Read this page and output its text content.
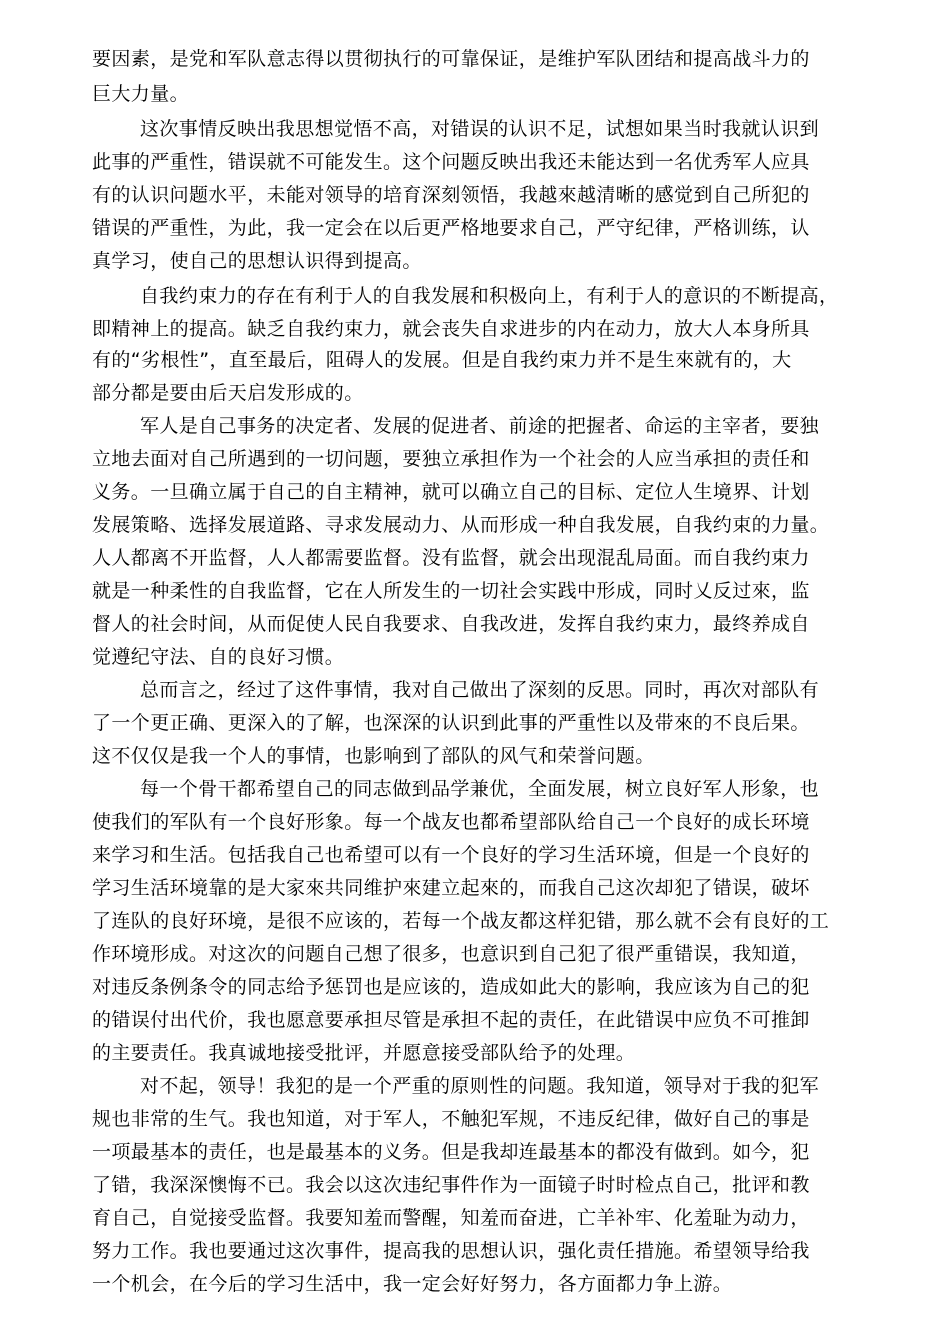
要因素，是党和军队意志得以贯彻执行的可靠保证，是维护军队团结和提高战斗力的
巨大力量。
这次事情反映出我思想觉悟不高，对错误的认识不足，试想如果当时我就认识到
此事的严重性，错误就不可能发生。这个问题反映出我还未能达到一名优秀军人应具
有的认识问题水平，未能对领导的培育深刻领悟，我越來越清晰的感觉到自己所犯的
错误的严重性，为此，我一定会在以后更严格地要求自己，严守纪律，严格训练，认
真学习，使自己的思想认识得到提高。
自我约束力的存在有利于人的自我发展和积极向上，有利于人的意识的不断提高，
即精神上的提高。缺乏自我约束力，就会丧失自求进步的内在动力，放大人本身所具
有的“劣根性”，直至最后，阻碍人的发展。但是自我约束力并不是生來就有的，大
部分都是要由后天启发形成的。
军人是自己事务的决定者、发展的促进者、前途的把握者、命运的主宰者，要独
立地去面对自己所遇到的一切问题，要独立承担作为一个社会的人应当承担的责任和
义务。一旦确立属于自己的自主精神，就可以确立自己的目标、定位人生境界、计划
发展策略、选择发展道路、寻求发展动力、从而形成一种自我发展，自我约束的力量。
人人都离不开监督，人人都需要监督。没有监督，就会出现混乱局面。而自我约束力
就是一种柔性的自我监督，它在人所发生的一切社会实践中形成，同时乂反过來，监
督人的社会时间，从而促使人民自我要求、自我改进，发挥自我约束力，最终养成自
觉遵纪守法、自的良好习惯。
总而言之，经过了这件事情，我对自己做出了深刻的反思。同时，再次对部队有
了一个更正确、更深入的了解，也深深的认识到此事的严重性以及带來的不良后果。
这不仅仅是我一个人的事情，也影响到了部队的风气和荣誉问题。
每一个骨干都希望自己的同志做到品学兼优，全面发展，树立良好军人形象，也
使我们的军队有一个良好形象。每一个战友也都希望部队给自己一个良好的成长环境
来学习和生活。包括我自己也希望可以有一个良好的学习生活环境，但是一个良好的
学习生活环境靠的是大家來共同维护來建立起來的，而我自己这次却犯了错误，破坏
了连队的良好环境，是很不应该的，若每一个战友都这样犯错，那么就不会有良好的工
作环境形成。对这次的问题自己想了很多，也意识到自己犯了很严重错误，我知道，
对违反条例条令的同志给予惩罚也是应该的，造成如此大的影响，我应该为自己的犯
的错误付出代价，我也愿意要承担尽管是承担不起的责任，在此错误中应负不可推卸
的主要责任。我真诚地接受批评，并愿意接受部队给予的处理。
对不起，领导！我犯的是一个严重的原则性的问题。我知道，领导对于我的犯军
规也非常的生气。我也知道，对于军人，不触犯军规，不违反纪律，做好自己的事是
一项最基本的责任，也是最基本的义务。但是我却连最基本的都没有做到。如今，犯
了错，我深深懊悔不已。我会以这次违纪事件作为一面镜子时时检点自己，批评和教
育自己，自觉接受监督。我要知羞而警醒，知羞而奋进，亡羊补牢、化羞耻为动力，
努力工作。我也要通过这次事件，提高我的思想认识，强化责任措施。希望领导给我
一个机会，在今后的学习生活中，我一定会好好努力，各方面都力争上游。
